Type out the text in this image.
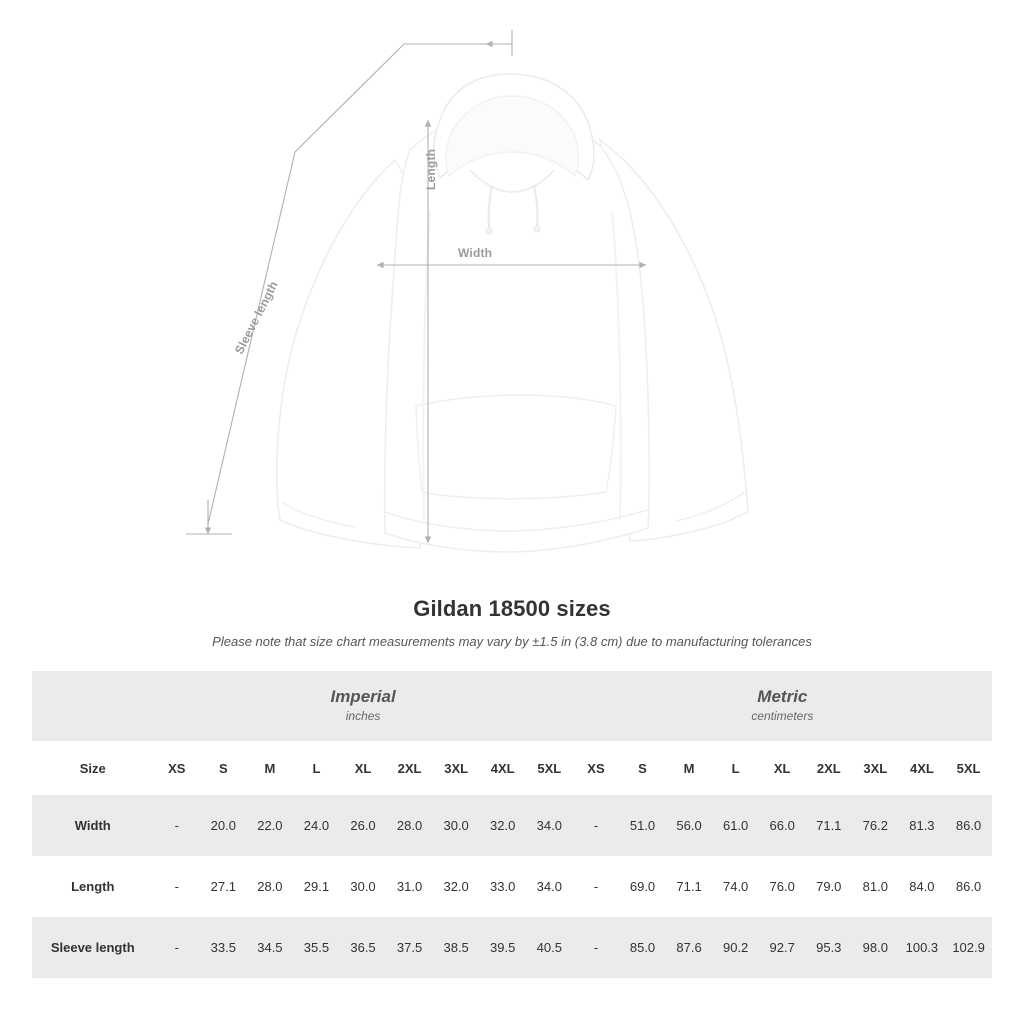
Width
Length
Sleeve length
Gildan 18500 sizes
Please note that size chart measurements may vary by ±1.5 in (3.8 cm) due to manufacturing tolerances

Imperial
inches

Metric
centimeters

Size	XS	S	M	L	XL	2XL	3XL	4XL	5XL	XS	S	M	L	XL	2XL	3XL	4XL	5XL
Width	-	20.0	22.0	24.0	26.0	28.0	30.0	32.0	34.0	-	51.0	56.0	61.0	66.0	71.1	76.2	81.3	86.0
Length	-	27.1	28.0	29.1	30.0	31.0	32.0	33.0	34.0	-	69.0	71.1	74.0	76.0	79.0	81.0	84.0	86.0
Sleeve length	-	33.5	34.5	35.5	36.5	37.5	38.5	39.5	40.5	-	85.0	87.6	90.2	92.7	95.3	98.0	100.3	102.9
